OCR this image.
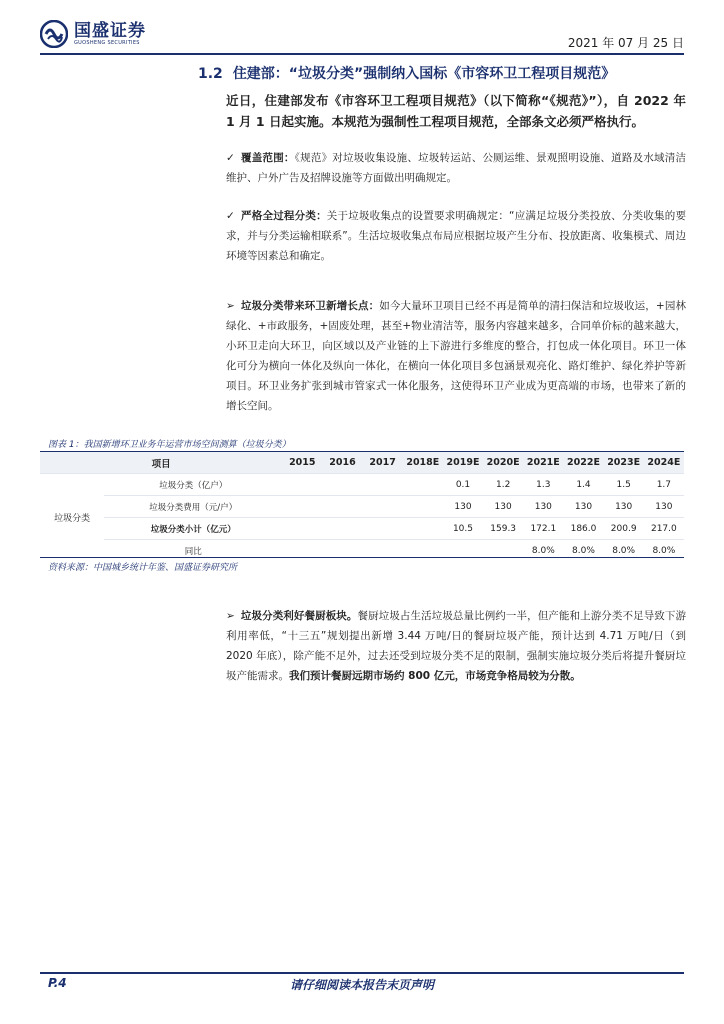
国盛证券
GUOSHENG SECURITIES	2021 年 07 月 25 日
1.2 住建部：“垃圾分类”强制纳入国标《市容环卫工程项目规范》
近日，住建部发布《市容环卫工程项目规范》（以下简称“《规范》”），自 2022 年 1 月 1 日起实施。本规范为强制性工程项目规范，全部条文必须严格执行。
✓ 覆盖范围：《规范》对垃圾收集设施、垃圾转运站、公厕运维、景观照明设施、道路及水域清洁维护、户外广告及招牌设施等方面做出明确规定。
✓ 严格全过程分类：关于垃圾收集点的设置要求明确规定：“应满足垃圾分类投放、分类收集的要求，并与分类运输相联系”。生活垃圾收集点布局应根据垃圾产生分布、投放距离、收集模式、周边环境等因素总和确定。
➢ 垃圾分类带来环卫新增长点：如今大量环卫项目已经不再是简单的清扫保洁和垃圾收运，+园林绿化、+市政服务，+固废处理，甚至+物业清洁等，服务内容越来越多，合同单价标的越来越大，小环卫走向大环卫，向区域以及产业链的上下游进行多维度的整合，打包成一体化项目。环卫一体化可分为横向一体化及纵向一体化，在横向一体化项目多包涵景观亮化、路灯维护、绿化养护等新项目。环卫业务扩张到城市管家式一体化服务，这使得环卫产业成为更高端的市场，也带来了新的增长空间。
图表 1：我国新增环卫业务年运营市场空间测算（垃圾分类）
项目		2015	2016	2017	2018E	2019E	2020E	2021E	2022E	2023E	2024E
垃圾分类	垃圾分类（亿户）					0.1	1.2	1.3	1.4	1.5	1.7
	垃圾分类费用（元/户）					130	130	130	130	130	130
	垃圾分类小计（亿元）					10.5	159.3	172.1	186.0	200.9	217.0
	同比							8.0%	8.0%	8.0%	8.0%
资料来源：中国城乡统计年鉴、国盛证券研究所
➢ 垃圾分类利好餐厨板块。餐厨垃圾占生活垃圾总量比例约一半，但产能和上游分类不足导致下游利用率低，“十三五”规划提出新增 3.44 万吨/日的餐厨垃圾产能，预计达到 4.71 万吨/日（到 2020 年底），除产能不足外，过去还受到垃圾分类不足的限制，强制实施垃圾分类后将提升餐厨垃圾产能需求。我们预计餐厨远期市场约 800 亿元，市场竞争格局较为分散。
请仔细阅读本报告末页声明
P.4
